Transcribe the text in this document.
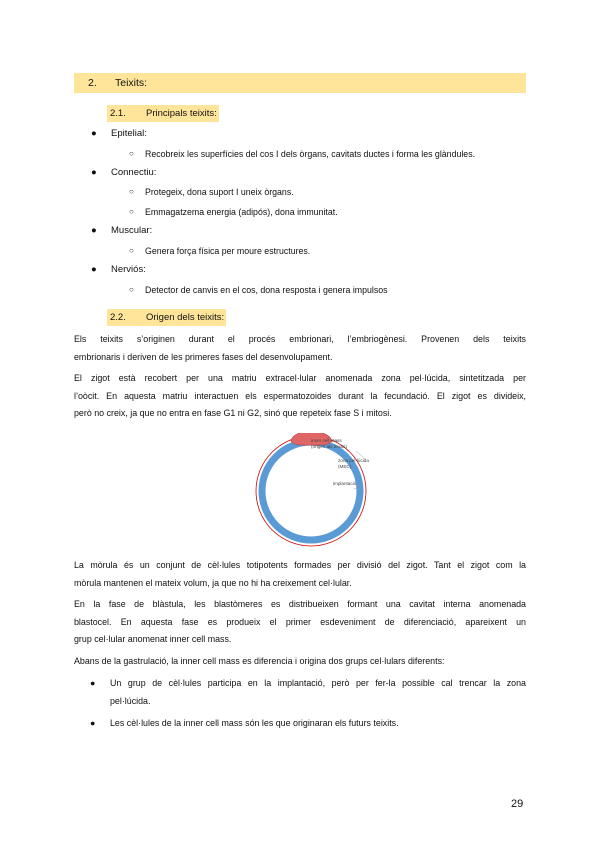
2. Teixits:
2.1. Principals teixits:
● Epitelial:
○ Recobreix les superfícies del cos I dels òrgans, cavitats ductes i forma les glàndules.
● Connectiu:
○ Protegeix, dona suport I uneix òrgans.
○ Emmagatzema energia (adipós), dona immunitat.
● Muscular:
○ Genera força física per moure estructures.
● Nerviós:
○ Detector de canvis en el cos, dona resposta i genera impulsos
2.2. Origen dels teixits:
Els teixits s’originen durant el procés embrionari, l’embriogènesi. Provenen dels teixits
embrionaris i deriven de les primeres fases del desenvolupament.
El zigot està recobert per una matriu extracel·lular anomenada zona pel·lúcida, sintetitzada per
l’oòcit. En aquesta matriu interactuen els espermatozoides durant la fecundació. El zigot es divideix,
però no creix, ja que no entra en fase G1 ni G2, sinó que repeteix fase S i mitosi.
inner cell mass
(origen als teixits)
zona pel·lúcida
(MEC)
implantació
La mòrula és un conjunt de cèl·lules totipotents formades per divisió del zigot. Tant el zigot com la
mòrula mantenen el mateix volum, ja que no hi ha creixement cel·lular.
En la fase de blàstula, les blastòmeres es distribueixen formant una cavitat interna anomenada
blastocel. En aquesta fase es produeix el primer esdeveniment de diferenciació, apareixent un
grup cel·lular anomenat inner cell mass.
Abans de la gastrulació, la inner cell mass es diferencia i origina dos grups cel·lulars diferents:
● Un grup de cèl·lules participa en la implantació, però per fer-la possible cal trencar la zona
pel·lúcida.
● Les cèl·lules de la inner cell mass són les que originaran els futurs teixits.
29
